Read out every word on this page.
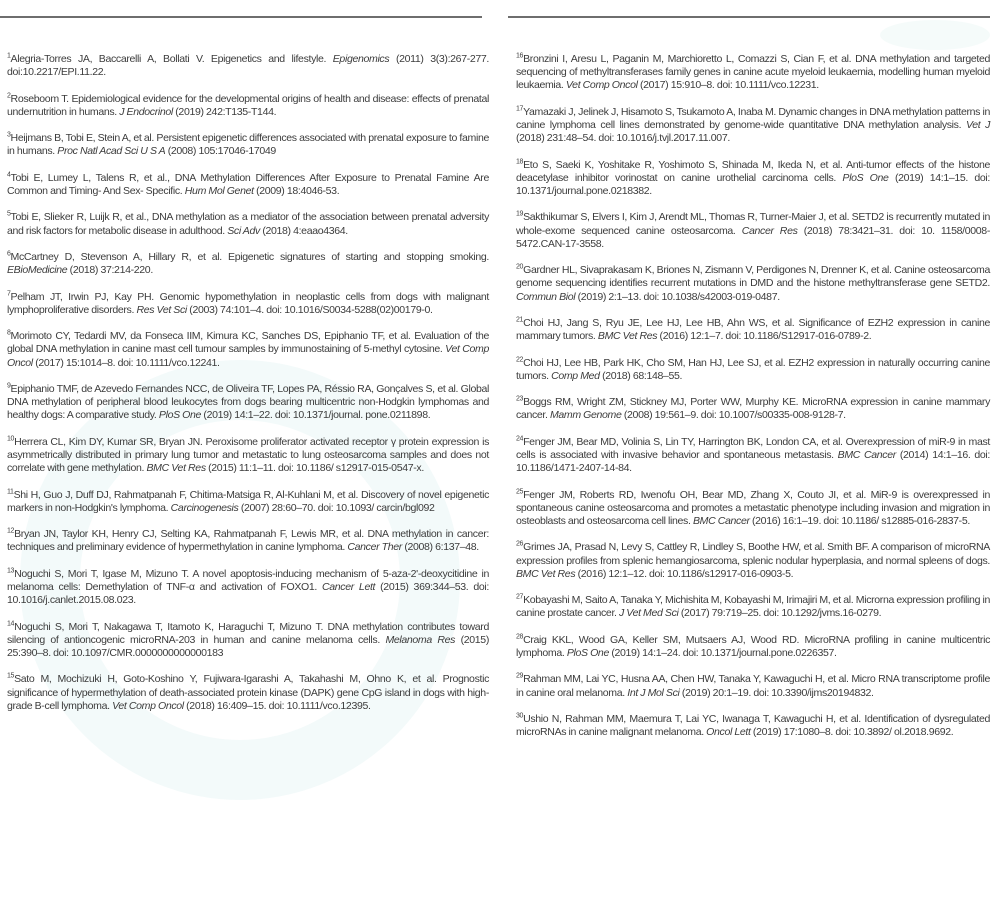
$^1$Alegria-Torres JA, Baccarelli A, Bollati V. Epigenetics and lifestyle. Epigenomics (2011) 3(3):267-277. doi:10.2217/EPI.11.22.

$^2$Roseboom T. Epidemiological evidence for the developmental origins of health and disease: effects of prenatal undernutrition in humans. J Endocrinol (2019) 242:T135-T144.

$^3$Heijmans B, Tobi E, Stein A, et al. Persistent epigenetic differences associated with prenatal exposure to famine in humans. Proc Natl Acad Sci U S A (2008) 105:17046-17049

$^4$Tobi E, Lumey L, Talens R, et al., DNA Methylation Differences After Exposure to Prenatal Famine Are Common and Timing- And Sex- Specific. Hum Mol Genet (2009) 18:4046-53.

$^5$Tobi E, Slieker R, Luijk R, et al., DNA methylation as a mediator of the association between prenatal adversity and risk factors for metabolic disease in adulthood. Sci Adv (2018) 4:eaao4364.

$^6$McCartney D, Stevenson A, Hillary R, et al. Epigenetic signatures of starting and stopping smoking. EBioMedicine (2018) 37:214-220.

$^7$Pelham JT, Irwin PJ, Kay PH. Genomic hypomethylation in neoplastic cells from dogs with malignant lymphoproliferative disorders. Res Vet Sci (2003) 74:101–4. doi: 10.1016/S0034-5288(02)00179-0.

$^8$Morimoto CY, Tedardi MV, da Fonseca IIM, Kimura KC, Sanches DS, Epiphanio TF, et al. Evaluation of the global DNA methylation in canine mast cell tumour samples by immunostaining of 5-methyl cytosine. Vet Comp Oncol (2017) 15:1014–8. doi: 10.1111/vco.12241.

$^9$Epiphanio TMF, de Azevedo Fernandes NCC, de Oliveira TF, Lopes PA, Réssio RA, Gonçalves S, et al. Global DNA methylation of peripheral blood leukocytes from dogs bearing multicentric non-Hodgkin lymphomas and healthy dogs: A comparative study. PloS One (2019) 14:1–22. doi: 10.1371/journal. pone.0211898.

$^{10}$Herrera CL, Kim DY, Kumar SR, Bryan JN. Peroxisome proliferator activated receptor γ protein expression is asymmetrically distributed in primary lung tumor and metastatic to lung osteosarcoma samples and does not correlate with gene methylation. BMC Vet Res (2015) 11:1–11. doi: 10.1186/ s12917-015-0547-x.

$^{11}$Shi H, Guo J, Duff DJ, Rahmatpanah F, Chitima-Matsiga R, Al-Kuhlani M, et al. Discovery of novel epigenetic markers in non-Hodgkin's lymphoma. Carcinogenesis (2007) 28:60–70. doi: 10.1093/ carcin/bgl092

$^{12}$Bryan JN, Taylor KH, Henry CJ, Selting KA, Rahmatpanah F, Lewis MR, et al. DNA methylation in cancer: techniques and preliminary evidence of hypermethylation in canine lymphoma. Cancer Ther (2008) 6:137–48.

$^{13}$Noguchi S, Mori T, Igase M, Mizuno T. A novel apoptosis-inducing mechanism of 5-aza-2'-deoxycitidine in melanoma cells: Demethylation of TNF-α and activation of FOXO1. Cancer Lett (2015) 369:344–53. doi: 10.1016/j.canlet.2015.08.023.

$^{14}$Noguchi S, Mori T, Nakagawa T, Itamoto K, Haraguchi T, Mizuno T. DNA methylation contributes toward silencing of antioncogenic microRNA-203 in human and canine melanoma cells. Melanoma Res (2015) 25:390–8. doi: 10.1097/CMR.0000000000000183

$^{15}$Sato M, Mochizuki H, Goto-Koshino Y, Fujiwara-Igarashi A, Takahashi M, Ohno K, et al. Prognostic significance of hypermethylation of death-associated protein kinase (DAPK) gene CpG island in dogs with high-grade B-cell lymphoma. Vet Comp Oncol (2018) 16:409–15. doi: 10.1111/vco.12395.

$^{16}$Bronzini I, Aresu L, Paganin M, Marchioretto L, Comazzi S, Cian F, et al. DNA methylation and targeted sequencing of methyltransferases family genes in canine acute myeloid leukaemia, modelling human myeloid leukaemia. Vet Comp Oncol (2017) 15:910–8. doi: 10.1111/vco.12231.

$^{17}$Yamazaki J, Jelinek J, Hisamoto S, Tsukamoto A, Inaba M. Dynamic changes in DNA methylation patterns in canine lymphoma cell lines demonstrated by genome-wide quantitative DNA methylation analysis. Vet J (2018) 231:48–54. doi: 10.1016/j.tvjl.2017.11.007.

$^{18}$Eto S, Saeki K, Yoshitake R, Yoshimoto S, Shinada M, Ikeda N, et al. Anti-tumor effects of the histone deacetylase inhibitor vorinostat on canine urothelial carcinoma cells. PloS One (2019) 14:1–15. doi: 10.1371/journal.pone.0218382.

$^{19}$Sakthikumar S, Elvers I, Kim J, Arendt ML, Thomas R, Turner-Maier J, et al. SETD2 is recurrently mutated in whole-exome sequenced canine osteosarcoma. Cancer Res (2018) 78:3421–31. doi: 10. 1158/0008-5472.CAN-17-3558.

$^{20}$Gardner HL, Sivaprakasam K, Briones N, Zismann V, Perdigones N, Drenner K, et al. Canine osteosarcoma genome sequencing identifies recurrent mutations in DMD and the histone methyltransferase gene SETD2. Commun Biol (2019) 2:1–13. doi: 10.1038/s42003-019-0487.

$^{21}$Choi HJ, Jang S, Ryu JE, Lee HJ, Lee HB, Ahn WS, et al. Significance of EZH2 expression in canine mammary tumors. BMC Vet Res (2016) 12:1–7. doi: 10.1186/S12917-016-0789-2.

$^{22}$Choi HJ, Lee HB, Park HK, Cho SM, Han HJ, Lee SJ, et al. EZH2 expression in naturally occurring canine tumors. Comp Med (2018) 68:148–55.

$^{23}$Boggs RM, Wright ZM, Stickney MJ, Porter WW, Murphy KE. MicroRNA expression in canine mammary cancer. Mamm Genome (2008) 19:561–9. doi: 10.1007/s00335-008-9128-7.

$^{24}$Fenger JM, Bear MD, Volinia S, Lin TY, Harrington BK, London CA, et al. Overexpression of miR-9 in mast cells is associated with invasive behavior and spontaneous metastasis. BMC Cancer (2014) 14:1–16. doi: 10.1186/1471-2407-14-84.

$^{25}$Fenger JM, Roberts RD, Iwenofu OH, Bear MD, Zhang X, Couto JI, et al. MiR-9 is overexpressed in spontaneous canine osteosarcoma and promotes a metastatic phenotype including invasion and migration in osteoblasts and osteosarcoma cell lines. BMC Cancer (2016) 16:1–19. doi: 10.1186/ s12885-016-2837-5.

$^{26}$Grimes JA, Prasad N, Levy S, Cattley R, Lindley S, Boothe HW, et al. Smith BF. A comparison of microRNA expression profiles from splenic hemangiosarcoma, splenic nodular hyperplasia, and normal spleens of dogs. BMC Vet Res (2016) 12:1–12. doi: 10.1186/s12917-016-0903-5.

$^{27}$Kobayashi M, Saito A, Tanaka Y, Michishita M, Kobayashi M, Irimajiri M, et al. Microrna expression profiling in canine prostate cancer. J Vet Med Sci (2017) 79:719–25. doi: 10.1292/jvms.16-0279.

$^{28}$Craig KKL, Wood GA, Keller SM, Mutsaers AJ, Wood RD. MicroRNA profiling in canine multicentric lymphoma. PloS One (2019) 14:1–24. doi: 10.1371/journal.pone.0226357.

$^{29}$Rahman MM, Lai YC, Husna AA, Chen HW, Tanaka Y, Kawaguchi H, et al. Micro RNA transcriptome profile in canine oral melanoma. Int J Mol Sci (2019) 20:1–19. doi: 10.3390/ijms20194832.

$^{30}$Ushio N, Rahman MM, Maemura T, Lai YC, Iwanaga T, Kawaguchi H, et al. Identification of dysregulated microRNAs in canine malignant melanoma. Oncol Lett (2019) 17:1080–8. doi: 10.3892/ ol.2018.9692.
